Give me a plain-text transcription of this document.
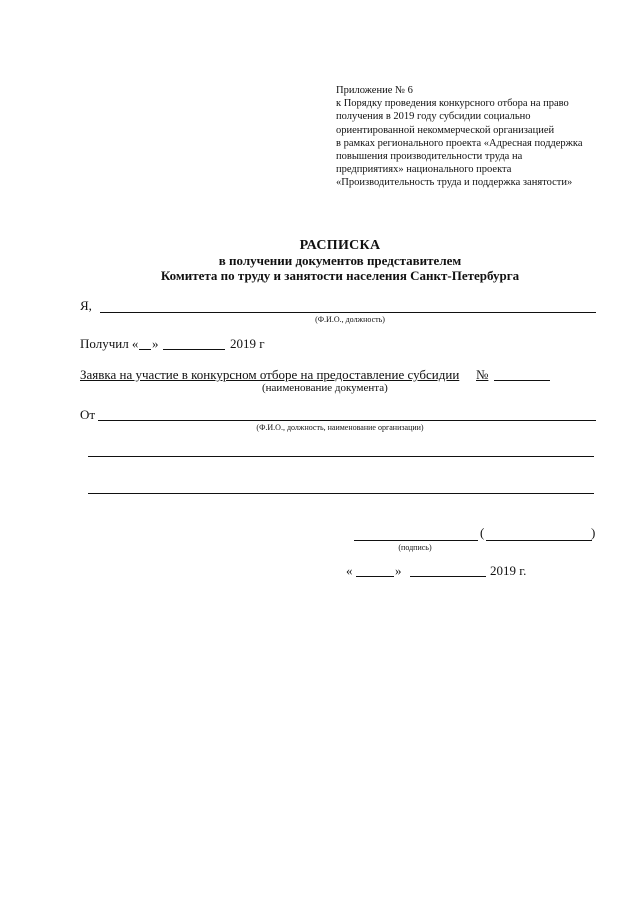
Приложение № 6
к Порядку проведения конкурсного отбора на право
получения в 2019 году субсидии социально
ориентированной некоммерческой организацией
в рамках регионального проекта «Адресная поддержка
повышения производительности труда на
предприятиях» национального проекта
«Производительность труда и поддержка занятости»
РАСПИСКА
в получении документов представителем
Комитета по труду и занятости населения Санкт-Петербурга
Я,
(Ф.И.О., должность)
Получил « »	2019 г
Заявка на участие в конкурсном отборе на предоставление субсидии №
(наименование документа)
От
(Ф.И.О., должность, наименование организации)
(	)
(подпись)
«	»	2019 г.
